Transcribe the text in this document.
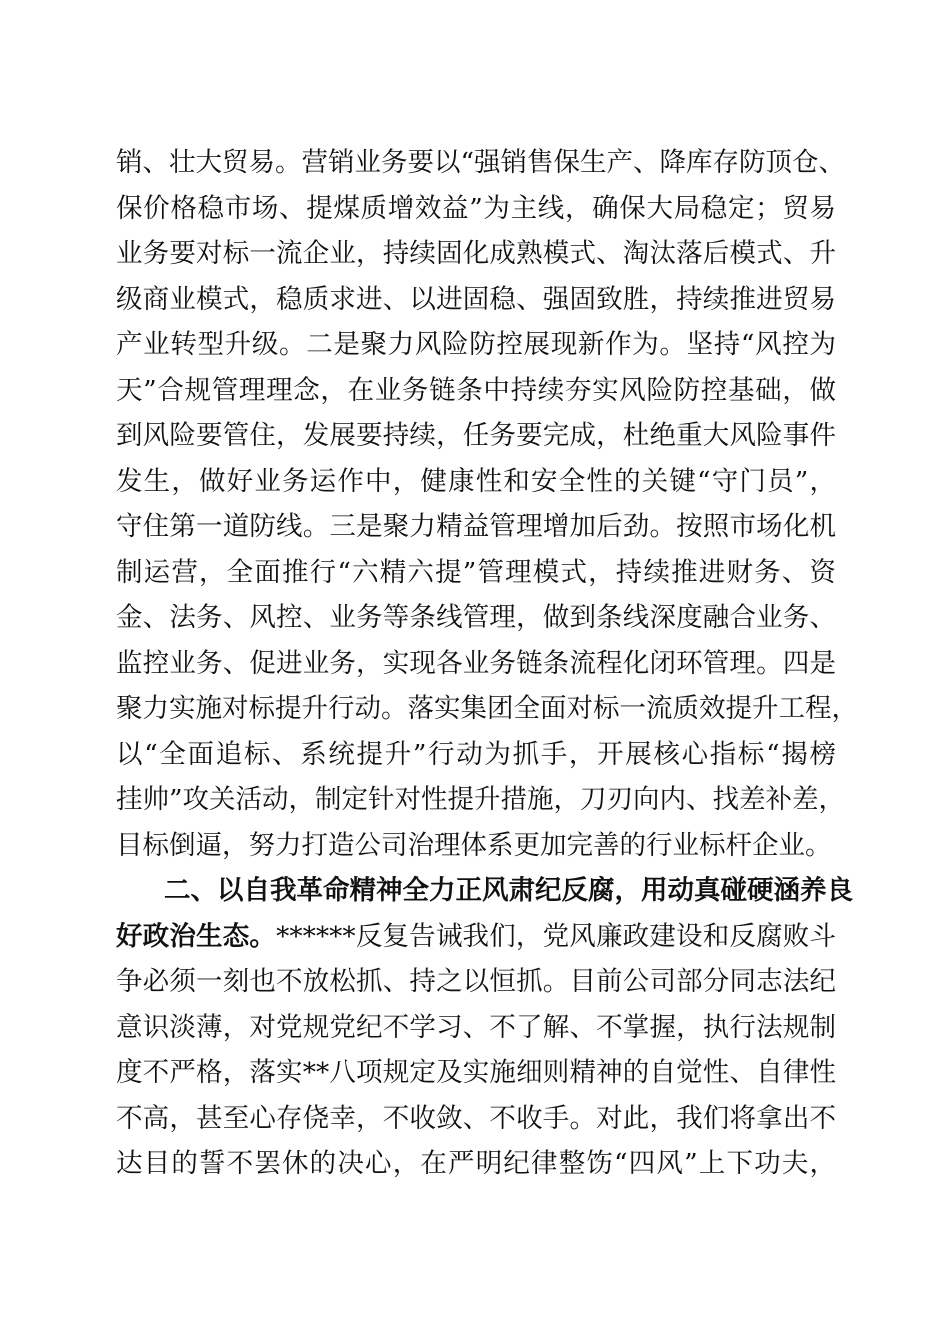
销、壮大贸易。营销业务要以“强销售保生产、降库存防顶仓、
保价格稳市场、提煤质增效益”为主线，确保大局稳定；贸易
业务要对标一流企业，持续固化成熟模式、淘汰落后模式、升
级商业模式，稳质求进、以进固稳、强固致胜，持续推进贸易
产业转型升级。二是聚力风险防控展现新作为。坚持“风控为
天”合规管理理念，在业务链条中持续夯实风险防控基础，做
到风险要管住，发展要持续，任务要完成，杜绝重大风险事件
发生，做好业务运作中，健康性和安全性的关键“守门员”，
守住第一道防线。三是聚力精益管理增加后劲。按照市场化机
制运营，全面推行“六精六提”管理模式，持续推进财务、资
金、法务、风控、业务等条线管理，做到条线深度融合业务、
监控业务、促进业务，实现各业务链条流程化闭环管理。四是
聚力实施对标提升行动。落实集团全面对标一流质效提升工程，
以“全面追标、系统提升”行动为抓手，开展核心指标“揭榜
挂帅”攻关活动，制定针对性提升措施，刀刃向内、找差补差，
目标倒逼，努力打造公司治理体系更加完善的行业标杆企业。
二、以自我革命精神全力正风肃纪反腐，用动真碰硬涵养良
好政治生态。******反复告诫我们，党风廉政建设和反腐败斗
争必须一刻也不放松抓、持之以恒抓。目前公司部分同志法纪
意识淡薄，对党规党纪不学习、不了解、不掌握，执行法规制
度不严格，落实**八项规定及实施细则精神的自觉性、自律性
不高，甚至心存侥幸，不收敛、不收手。对此，我们将拿出不
达目的誓不罢休的决心，在严明纪律整饬“四风”上下功夫，
